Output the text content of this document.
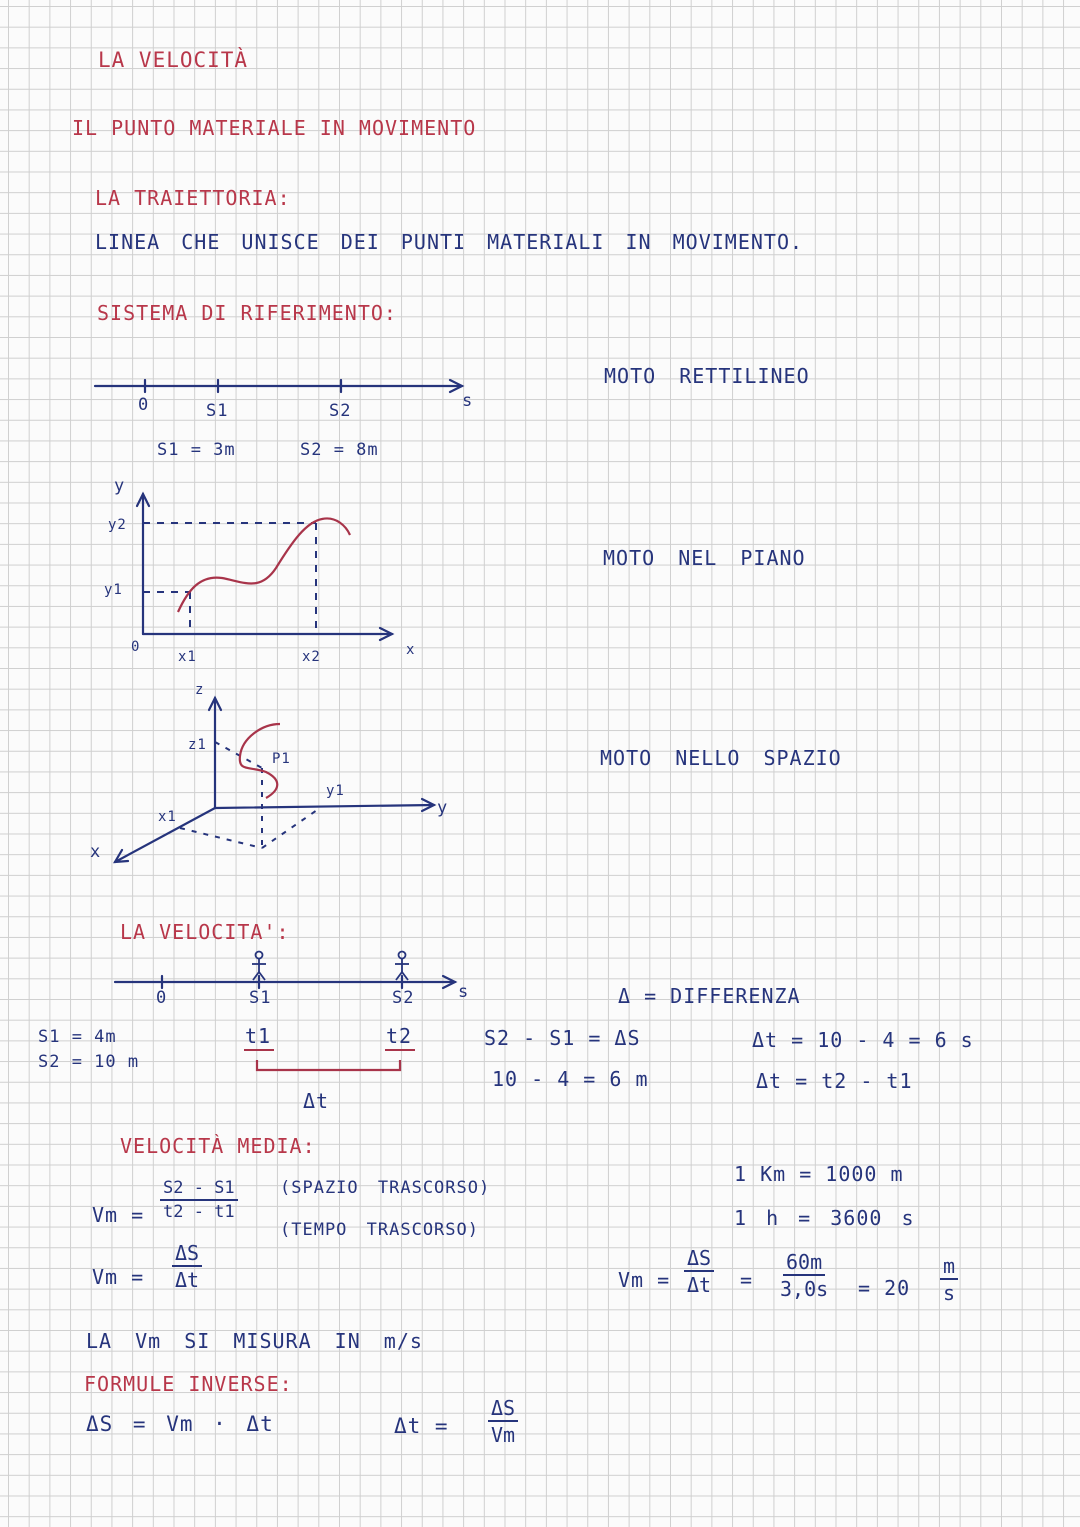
LA VELOCITÀ
IL PUNTO MATERIALE IN MOVIMENTO
LA TRAIETTORIA:
LINEA CHE UNISCE DEI PUNTI MATERIALI IN MOVIMENTO.
SISTEMA DI RIFERIMENTO:
0	S1	S2	s
S1 = 3m	S2 = 8m
MOTO RETTILINEO
y
y2
y1
0
x1	x2	x
MOTO NEL PIANO
z
z1
P1
y1
y
x1
x
MOTO NELLO SPAZIO
LA VELOCITA':
0	S1	S2	s	Δ = DIFFERENZA
S1 = 4m
S2 = 10 m
t1	t2
Δt
S2 - S1 = ΔS
10 - 4 = 6 m
Δt = 10 - 4 = 6 s
Δt = t2 - t1
VELOCITÀ MEDIA:
$Vm = \frac{S2 - S1}{t2 - t1}$ (SPAZIO TRASCORSO)
(TEMPO TRASCORSO)
$Vm = \frac{\Delta S}{\Delta t}$
1 Km = 1000 m
1 h = 3600 s
$Vm = \frac{\Delta S}{\Delta t} = \frac{60m}{3,0s} = 20 \frac{m}{s}$
LA Vm SI MISURA IN m/s
FORMULE INVERSE:
ΔS = Vm · Δt	$\Delta t = \frac{\Delta S}{Vm}$
